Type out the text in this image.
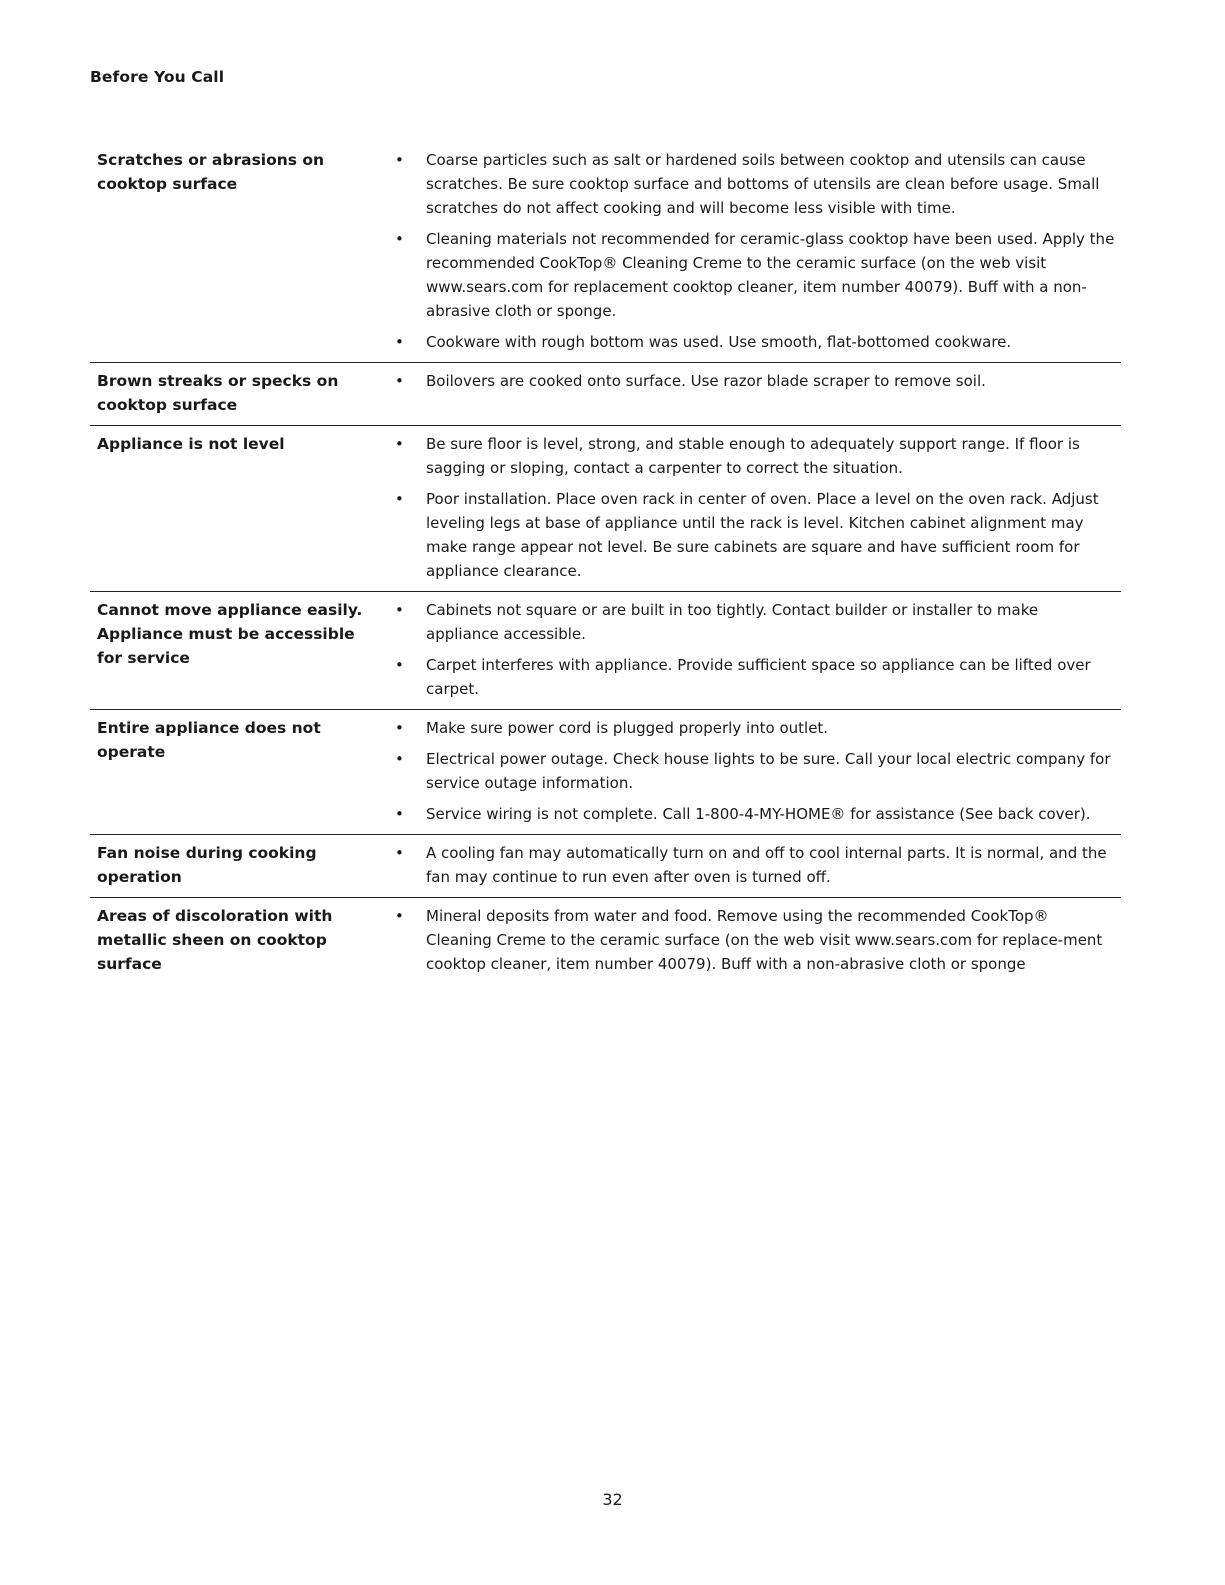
Before You Call
Scratches or abrasions on cooktop surface
•	Coarse particles such as salt or hardened soils between cooktop and utensils can cause scratches. Be sure cooktop surface and bottoms of utensils are clean before usage. Small scratches do not affect cooking and will become less visible with time.
•	Cleaning materials not recommended for ceramic-glass cooktop have been used. Apply the recommended CookTop® Cleaning Creme to the ceramic surface (on the web visit www.sears.com for replacement cooktop cleaner, item number 40079). Buff with a non-abrasive cloth or sponge.
•	Cookware with rough bottom was used. Use smooth, flat-bottomed cookware.
Brown streaks or specks on cooktop surface
•	Boilovers are cooked onto surface. Use razor blade scraper to remove soil.
Appliance is not level	•	Be sure floor is level, strong, and stable enough to adequately support range. If floor is sagging or sloping, contact a carpenter to correct the situation.
•	Poor installation. Place oven rack in center of oven. Place a level on the oven rack. Adjust leveling legs at base of appliance until the rack is level. Kitchen cabinet alignment may make range appear not level. Be sure cabinets are square and have sufficient room for appliance clearance.
Cannot move appliance easily. Appliance must be accessible for service
•	Cabinets not square or are built in too tightly. Contact builder or installer to make appliance accessible.
•	Carpet interferes with appliance. Provide sufficient space so appliance can be lifted over carpet.
Entire appliance does not operate
•	Make sure power cord is plugged properly into outlet.
•	Electrical power outage. Check house lights to be sure. Call your local electric company for service outage information.
•	Service wiring is not complete. Call 1-800-4-MY-HOME® for assistance (See back cover).
Fan noise during cooking operation
•	A cooling fan may automatically turn on and off to cool internal parts. It is normal, and the fan may continue to run even after oven is turned off.
Areas of discoloration with metallic sheen on cooktop surface
•	Mineral deposits from water and food. Remove using the recommended CookTop® Cleaning Creme to the ceramic surface (on the web visit www.sears.com for replace-ment cooktop cleaner, item number 40079). Buff with a non-abrasive cloth or sponge
32
